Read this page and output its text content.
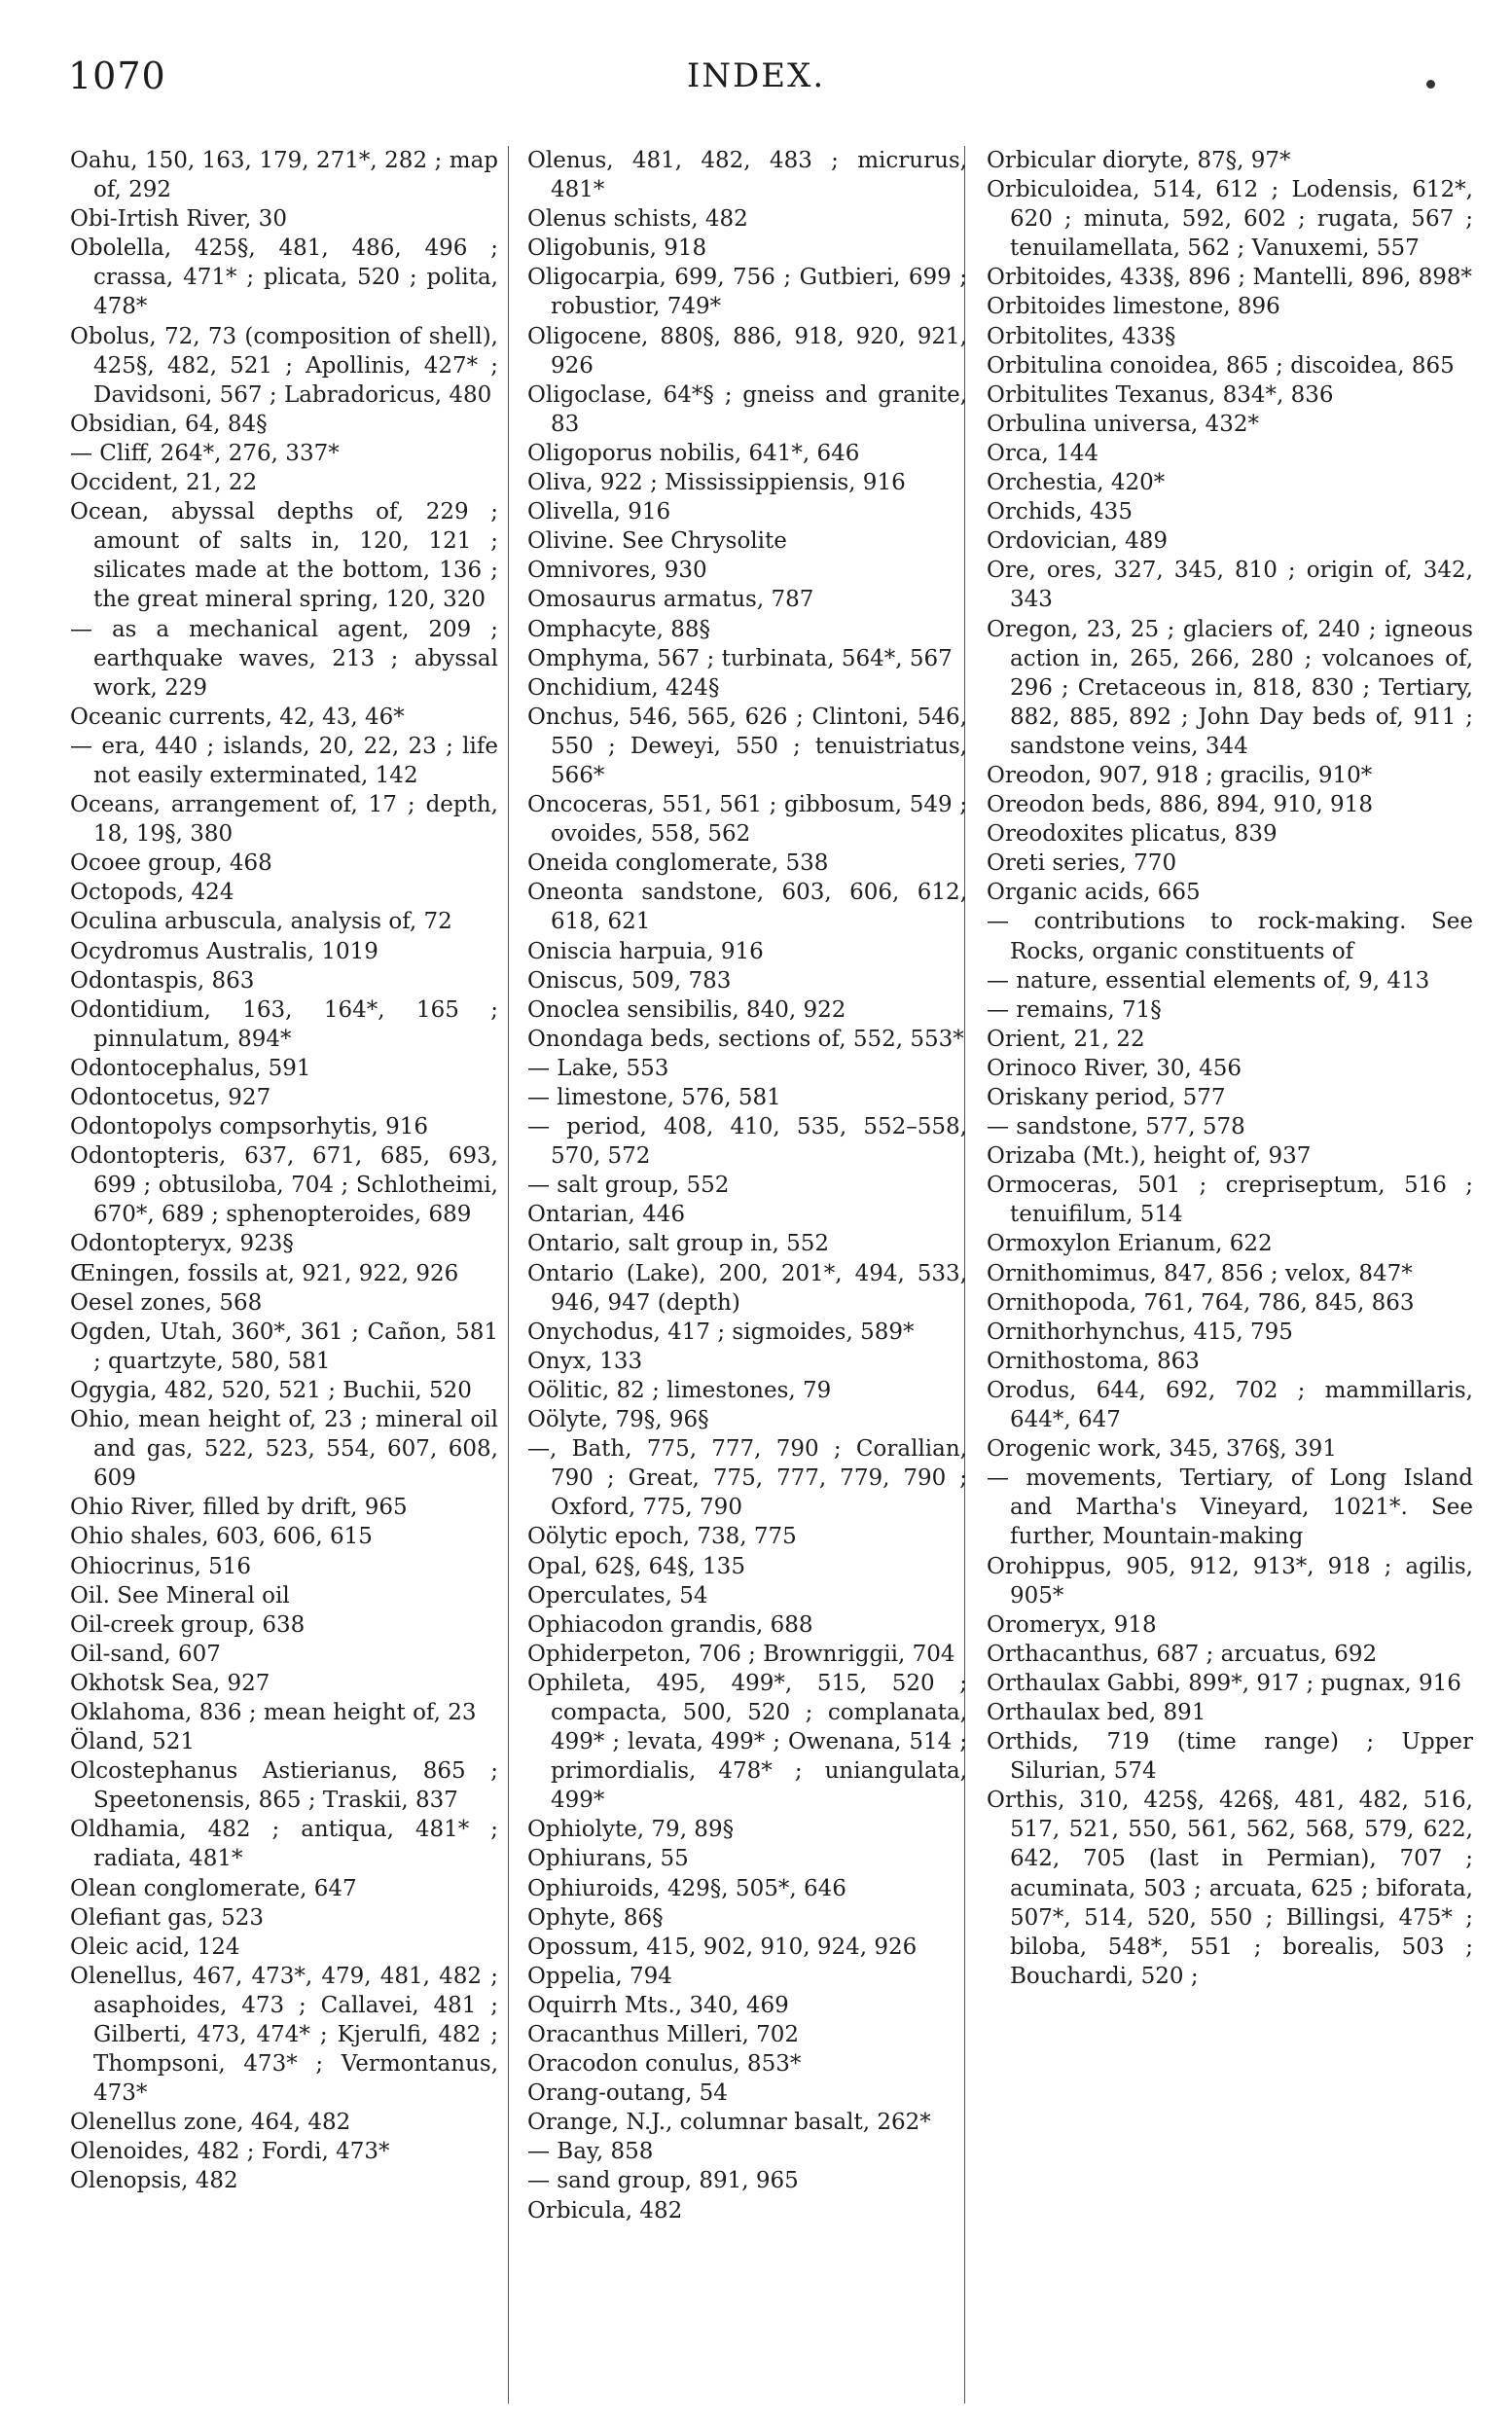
1070	INDEX.

Oahu, 150, 163, 179, 271*, 282 ; map of, 292

Obi-Irtish River, 30

Obolella, 425§, 481, 486, 496 ; crassa, 471* ; plicata, 520 ; polita, 478*

Obolus, 72, 73 (composition of shell), 425§, 482, 521 ; Apollinis, 427* ; Davidsoni, 567 ; Labradoricus, 480

Obsidian, 64, 84§

— Cliff, 264*, 276, 337*

Occident, 21, 22

Ocean, abyssal depths of, 229 ; amount of salts in, 120, 121 ; silicates made at the bottom, 136 ; the great mineral spring, 120, 320

— as a mechanical agent, 209 ; earthquake waves, 213 ; abyssal work, 229

Oceanic currents, 42, 43, 46*

— era, 440 ; islands, 20, 22, 23 ; life not easily exterminated, 142

Oceans, arrangement of, 17 ; depth, 18, 19§, 380

Ocoee group, 468

Octopods, 424

Oculina arbuscula, analysis of, 72

Ocydromus Australis, 1019

Odontaspis, 863

Odontidium, 163, 164*, 165 ; pinnulatum, 894*

Odontocephalus, 591

Odontocetus, 927

Odontopolys compsorhytis, 916

Odontopteris, 637, 671, 685, 693, 699 ; obtusiloba, 704 ; Schlotheimi, 670*, 689 ; sphenopteroides, 689

Odontopteryx, 923§

Œningen, fossils at, 921, 922, 926

Oesel zones, 568

Ogden, Utah, 360*, 361 ; Cañon, 581 ; quartzyte, 580, 581

Ogygia, 482, 520, 521 ; Buchii, 520

Ohio, mean height of, 23 ; mineral oil and gas, 522, 523, 554, 607, 608, 609

Ohio River, filled by drift, 965

Ohio shales, 603, 606, 615

Ohiocrinus, 516

Oil. See Mineral oil

Oil-creek group, 638

Oil-sand, 607

Okhotsk Sea, 927

Oklahoma, 836 ; mean height of, 23

Öland, 521

Olcostephanus Astierianus, 865 ; Speetonensis, 865 ; Traskii, 837

Oldhamia, 482 ; antiqua, 481* ; radiata, 481*

Olean conglomerate, 647

Olefiant gas, 523

Oleic acid, 124

Olenellus, 467, 473*, 479, 481, 482 ; asaphoides, 473 ; Callavei, 481 ; Gilberti, 473, 474* ; Kjerulfi, 482 ; Thompsoni, 473* ; Vermontanus, 473*

Olenellus zone, 464, 482

Olenoides, 482 ; Fordi, 473*

Olenopsis, 482

Olenus, 481, 482, 483 ; micrurus, 481*

Olenus schists, 482

Oligobunis, 918

Oligocarpia, 699, 756 ; Gutbieri, 699 ; robustior, 749*

Oligocene, 880§, 886, 918, 920, 921, 926

Oligoclase, 64*§ ; gneiss and granite, 83

Oligoporus nobilis, 641*, 646

Oliva, 922 ; Mississippiensis, 916

Olivella, 916

Olivine. See Chrysolite

Omnivores, 930

Omosaurus armatus, 787

Omphacyte, 88§

Omphyma, 567 ; turbinata, 564*, 567

Onchidium, 424§

Onchus, 546, 565, 626 ; Clintoni, 546, 550 ; Deweyi, 550 ; tenuistriatus, 566*

Oncoceras, 551, 561 ; gibbosum, 549 ; ovoides, 558, 562

Oneida conglomerate, 538

Oneonta sandstone, 603, 606, 612, 618, 621

Onisciа harpuia, 916

Oniscus, 509, 783

Onoclea sensibilis, 840, 922

Onondaga beds, sections of, 552, 553*

— Lake, 553

— limestone, 576, 581

— period, 408, 410, 535, 552–558, 570, 572

— salt group, 552

Ontarian, 446

Ontario, salt group in, 552

Ontario (Lake), 200, 201*, 494, 533, 946, 947 (depth)

Onychodus, 417 ; sigmoides, 589*

Onyx, 133

Oölitic, 82 ; limestones, 79

Oölyte, 79§, 96§

—, Bath, 775, 777, 790 ; Corallian, 790 ; Great, 775, 777, 779, 790 ; Oxford, 775, 790

Oölytic epoch, 738, 775

Opal, 62§, 64§, 135

Operculates, 54

Ophiacodon grandis, 688

Ophiderpeton, 706 ; Brownriggii, 704

Ophileta, 495, 499*, 515, 520 ; compacta, 500, 520 ; complanata, 499* ; levata, 499* ; Owenana, 514 ; primordialis, 478* ; uniangulata, 499*

Ophiolyte, 79, 89§

Ophiurans, 55

Ophiuroids, 429§, 505*, 646

Ophyte, 86§

Opossum, 415, 902, 910, 924, 926

Oppelia, 794

Oquirrh Mts., 340, 469

Oracanthus Milleri, 702

Oracodon conulus, 853*

Orang-outang, 54

Orange, N.J., columnar basalt, 262*

— Bay, 858

— sand group, 891, 965

Orbicula, 482

Orbicular dioryte, 87§, 97*

Orbiculoidea, 514, 612 ; Lodensis, 612*, 620 ; minuta, 592, 602 ; rugata, 567 ; tenuilamellata, 562 ; Vanuxemi, 557

Orbitoides, 433§, 896 ; Mantelli, 896, 898*

Orbitoides limestone, 896

Orbitolites, 433§

Orbitulina conoidea, 865 ; discoidea, 865

Orbitulites Texanus, 834*, 836

Orbulina universa, 432*

Orca, 144

Orchestia, 420*

Orchids, 435

Ordovician, 489

Ore, ores, 327, 345, 810 ; origin of, 342, 343

Oregon, 23, 25 ; glaciers of, 240 ; igneous action in, 265, 266, 280 ; volcanoes of, 296 ; Cretaceous in, 818, 830 ; Tertiary, 882, 885, 892 ; John Day beds of, 911 ; sandstone veins, 344

Oreodon, 907, 918 ; gracilis, 910*

Oreodon beds, 886, 894, 910, 918

Oreodoxites plicatus, 839

Oreti series, 770

Organic acids, 665

— contributions to rock-making. See Rocks, organic constituents of

— nature, essential elements of, 9, 413

— remains, 71§

Orient, 21, 22

Orinoco River, 30, 456

Oriskany period, 577

— sandstone, 577, 578

Orizaba (Mt.), height of, 937

Ormoceras, 501 ; crepriseptum, 516 ; tenuifilum, 514

Ormoxylon Erianum, 622

Ornithomimus, 847, 856 ; velox, 847*

Ornithopoda, 761, 764, 786, 845, 863

Ornithorhynchus, 415, 795

Ornithostoma, 863

Orodus, 644, 692, 702 ; mammillaris, 644*, 647

Orogenic work, 345, 376§, 391

— movements, Tertiary, of Long Island and Martha's Vineyard, 1021*. See further, Mountain-making

Orohippus, 905, 912, 913*, 918 ; agilis, 905*

Oromeryx, 918

Orthacanthus, 687 ; arcuatus, 692

Orthaulax Gabbi, 899*, 917 ; pugnax, 916

Orthaulax bed, 891

Orthids, 719 (time range) ; Upper Silurian, 574

Orthis, 310, 425§, 426§, 481, 482, 516, 517, 521, 550, 561, 562, 568, 579, 622, 642, 705 (last in Permian), 707 ; acuminata, 503 ; arcuata, 625 ; biforata, 507*, 514, 520, 550 ; Billingsi, 475* ; biloba, 548*, 551 ; borealis, 503 ; Bouchardi, 520 ;
